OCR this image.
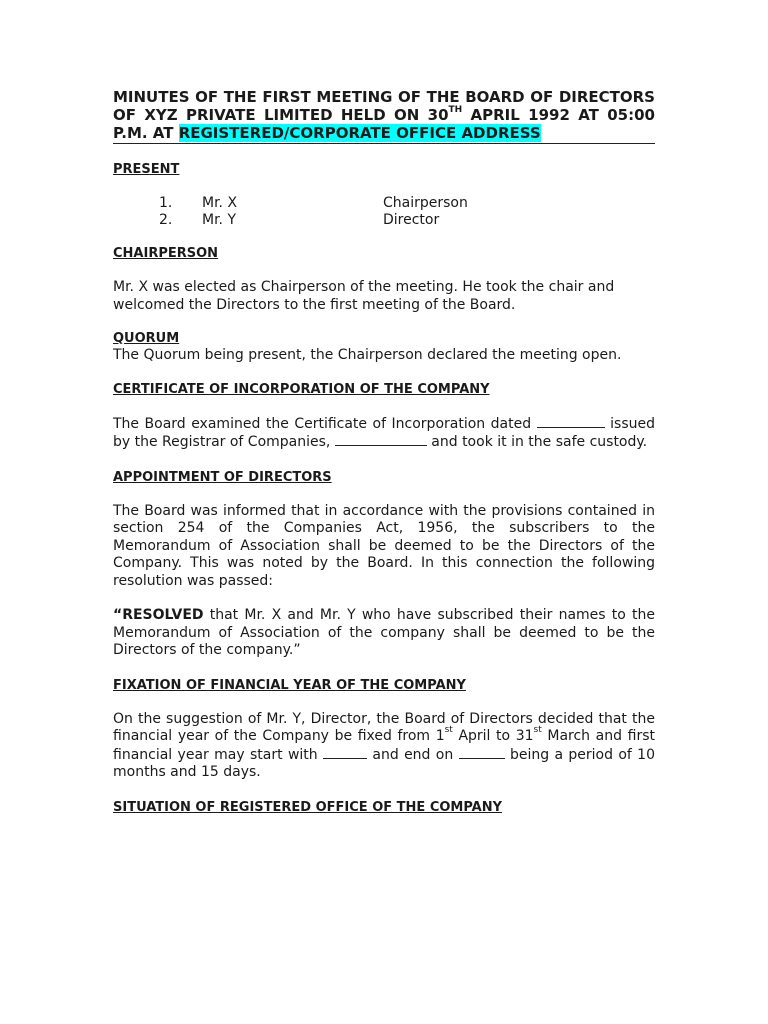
MINUTES OF THE FIRST MEETING OF THE BOARD OF DIRECTORS OF XYZ PRIVATE LIMITED HELD ON 30TH APRIL 1992 AT 05:00
P.M. AT REGISTERED/CORPORATE OFFICE ADDRESS

PRESENT

1. Mr. X	Chairperson
2. Mr. Y	Director

CHAIRPERSON

Mr. X was elected as Chairperson of the meeting. He took the chair and welcomed the Directors to the first meeting of the Board.

QUORUM

The Quorum being present, the Chairperson declared the meeting open.

CERTIFICATE OF INCORPORATION OF THE COMPANY

The Board examined the Certificate of Incorporation dated	issued by the Registrar of Companies,	and took it in the safe custody.

APPOINTMENT OF DIRECTORS

The Board was informed that in accordance with the provisions contained in section 254 of the Companies Act, 1956, the subscribers to the Memorandum of Association shall be deemed to be the Directors of the Company. This was noted by the Board. In this connection the following resolution was passed:

“RESOLVED that Mr. X and Mr. Y who have subscribed their names to the Memorandum of Association of the company shall be deemed to be the Directors of the company.”

FIXATION OF FINANCIAL YEAR OF THE COMPANY

On the suggestion of Mr. Y, Director, the Board of Directors decided that the financial year of the Company be fixed from 1st April to 31st March and first financial year may start with	and end on	being a period of 10 months and 15 days.

SITUATION OF REGISTERED OFFICE OF THE COMPANY
